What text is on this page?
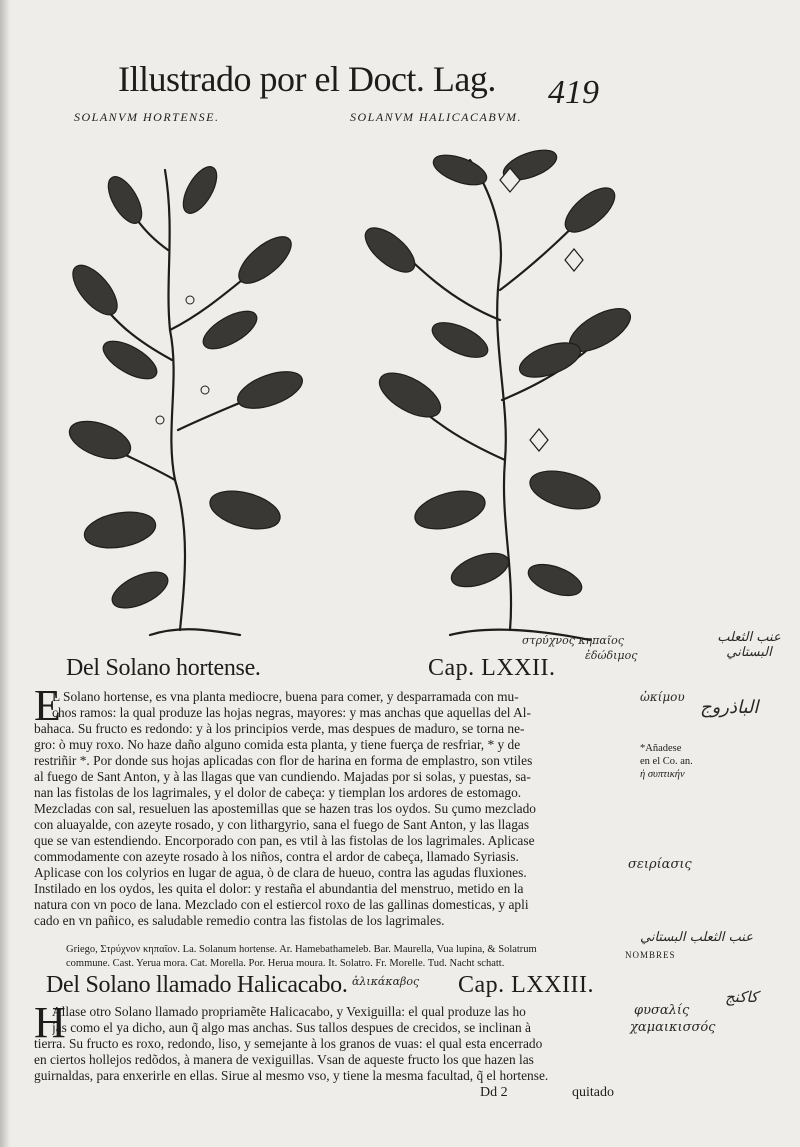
Illustrado por el Doct. Lag. 419
SOLANVM HORTENSE.	SOLANVM HALICACABVM.
στρύχνος κηπαῖος
ἐδώδιμος
عنب الثعلب البستاني
Del Solano hortense.	Cap. LXXII.
E
L Solano hortense, es vna planta mediocre, buena para comer, y desparramada con mu-
chos ramos: la qual produze las hojas negras, mayores: y mas anchas que aquellas del Al-
bahaca. Su fructo es redondo: y à los principios verde, mas despues de maduro, se torna ne-
gro: ò muy roxo. No haze daño alguno comida esta planta, y tiene fuerça de resfriar, * y de
restriñir *. Por donde sus hojas aplicadas con flor de harina en forma de emplastro, son vtiles
al fuego de Sant Anton, y à las llagas que van cundiendo. Majadas por si solas, y puestas, sa-
nan las fistolas de los lagrimales, y el dolor de cabeça: y tiemplan los ardores de estomago.
Mezcladas con sal, resueluen las apostemillas que se hazen tras los oydos. Su çumo mezclado
con aluayalde, con azeyte rosado, y con lithargyrio, sana el fuego de Sant Anton, y las llagas
que se van estendiendo. Encorporado con pan, es vtil à las fistolas de los lagrimales. Aplicase
commodamente con azeyte rosado à los niños, contra el ardor de cabeça, llamado Syriasis.
Aplicase con los colyrios en lugar de agua, ò de clara de hueuo, contra las agudas fluxiones.
Instilado en los oydos, les quita el dolor: y restaña el abundantia del menstruo, metido en la
natura con vn poco de lana. Mezclado con el estiercol roxo de las gallinas domesticas, y apli
cado en vn pañico, es saludable remedio contra las fistolas de los lagrimales.
ὠκίμου الباذروج
*Añadese
en el Co. an.
ἠ συπτικήν
σειρίασις
Griego, Στρύχνον κηπαῖον. La. Solanum hortense. Ar. Hamebathameleb. Bar. Maurella, Vua lupina, & Solatrum
commune. Cast. Yerua mora. Cat. Morella. Por. Herua moura. It. Solatro. Fr. Morelle. Tud. Nacht schatt.
عنب الثعلب البستاني
NOMBRES
كاكنج
Del Solano llamado Halicacabo. ἁλικάκαβος Cap. LXXIII.
H
Allase otro Solano llamado propriamẽte Halicacabo, y Vexiguilla: el qual produze las ho
jas como el ya dicho, aun q̃ algo mas anchas. Sus tallos despues de crecidos, se inclinan à
tierra. Su fructo es roxo, redondo, liso, y semejante à los granos de vuas: el qual esta encerrado
en ciertos hollejos redõdos, à manera de vexiguillas. Vsan de aqueste fructo los que hazen las
guirnaldas, para enxerirle en ellas. Sirue al mesmo vso, y tiene la mesma facultad, q̃ el hortense.
φυσαλίς
χαμαικισσός
Dd 2	quitado
